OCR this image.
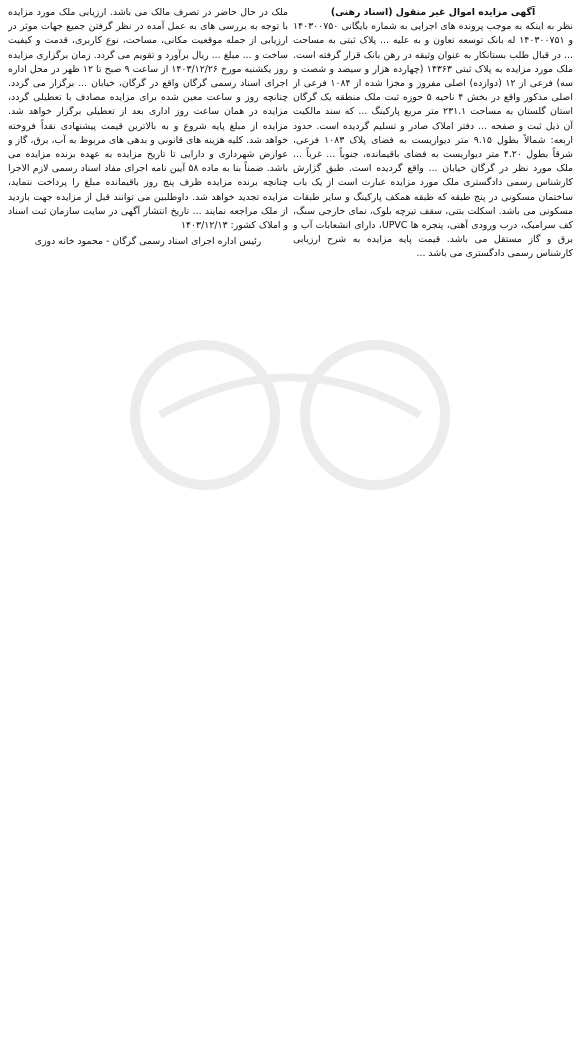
آگهی مزایده اموال غیر منقول (اسناد رهنی)

نظر به اینکه به موجب پرونده های اجرایی به شماره بایگانی ۱۴۰۳۰۰۷۵۰ و ۱۴۰۳۰۰۷۵۱ له بانک توسعه تعاون و به علیه ... پلاک ثبتی به مساحت ... در قبال طلب بستانکار به عنوان وثیقه در رهن بانک قرار گرفته است. ملک مورد مزایده به پلاک ثبتی ۱۴۳۶۳ (چهارده هزار و سیصد و شصت و سه) فرعی از ۱۲ (دوازده) اصلی مفروز و مجزا شده از ۱۰۸۴ فرعی از اصلی مذکور واقع در بخش ۴ ناحیه ۵ حوزه ثبت ملک منطقه یک گرگان استان گلستان به مساحت ۲۳۱.۱ متر مربع پارکینگ ... که سند مالکیت آن ذیل ثبت و صفحه ... دفتر املاک صادر و تسلیم گردیده است. حدود اربعه: شمالاً بطول ۹.۱۵ متر دیواریست به فضای پلاک ۱۰۸۳ فرعی، شرقاً بطول ۴.۲۰ متر دیواریست به فضای باقیمانده، جنوباً ... غرباً ... ملک مورد نظر در گرگان خیابان ... واقع گردیده است. طبق گزارش کارشناس رسمی دادگستری ملک مورد مزایده عبارت است از یک باب ساختمان مسکونی در پنج طبقه که طبقه همکف پارکینگ و سایر طبقات مسکونی می باشد. اسکلت بتنی، سقف تیرچه بلوک، نمای خارجی سنگ، کف سرامیک، درب ورودی آهنی، پنجره ها UPVC، دارای انشعابات آب و برق و گاز مستقل می باشد. قیمت پایه مزایده به شرح ارزیابی کارشناس رسمی دادگستری می باشد ...

ملک در حال حاضر در تصرف مالک می باشد. ارزیابی ملک مورد مزایده با توجه به بررسی های به عمل آمده در نظر گرفتن جمیع جهات موثر در ارزیابی از جمله موقعیت مکانی، مساحت، نوع کاربری، قدمت و کیفیت ساخت و ... مبلغ ... ریال برآورد و تقویم می گردد. زمان برگزاری مزایده روز یکشنبه مورخ ۱۴۰۳/۱۲/۲۶ از ساعت ۹ صبح تا ۱۲ ظهر در محل اداره اجرای اسناد رسمی گرگان واقع در گرگان، خیابان ... برگزار می گردد. چنانچه روز و ساعت معین شده برای مزایده مصادف با تعطیلی گردد، مزایده در همان ساعت روز اداری بعد از تعطیلی برگزار خواهد شد. مزایده از مبلغ پایه شروع و به بالاترین قیمت پیشنهادی نقداً فروخته خواهد شد. کلیه هزینه های قانونی و بدهی های مربوط به آب، برق، گاز و عوارض شهرداری و دارایی تا تاریخ مزایده به عهده برنده مزایده می باشد. ضمناً بنا به ماده ۵۸ آیین نامه اجرای مفاد اسناد رسمی لازم الاجرا چنانچه برنده مزایده ظرف پنج روز باقیمانده مبلغ را پرداخت ننماید، مزایده تجدید خواهد شد. داوطلبین می توانند قبل از مزایده جهت بازدید از ملک مراجعه نمایند ... تاریخ انتشار آگهی در سایت سازمان ثبت اسناد و املاک کشور: ۱۴۰۳/۱۲/۱۳

رئیس اداره اجرای اسناد رسمی گرگان - محمود خانه دوزی
